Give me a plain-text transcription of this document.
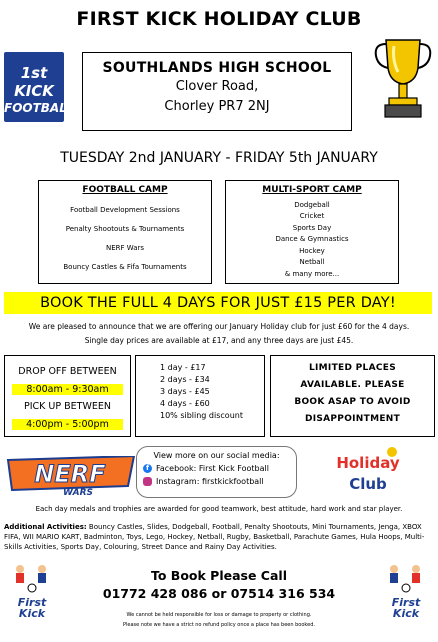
FIRST KICK HOLIDAY CLUB
1st KICK
FOOTBALL
SOUTHLANDS HIGH SCHOOL
Clover Road,
Chorley PR7 2NJ
TUESDAY 2nd JANUARY - FRIDAY 5th JANUARY
FOOTBALL CAMP
Football Development Sessions
Penalty Shootouts & Tournaments
NERF Wars
Bouncy Castles & Fifa Tournaments
MULTI-SPORT CAMP
Dodgeball
Cricket
Sports Day
Dance & Gymnastics
Hockey
Netball
& many more...
BOOK THE FULL 4 DAYS FOR JUST £15 PER DAY!
We are pleased to announce that we are offering our January Holiday club for just £60 for the 4 days.
Single day prices are available at £17, and any three days are just £45.
DROP OFF BETWEEN
8:00am - 9:30am
PICK UP BETWEEN
4:00pm - 5:00pm
1 day - £17
2 days - £34
3 days - £45
4 days - £60
10% sibling discount
LIMITED PLACES
AVAILABLE. PLEASE
BOOK ASAP TO AVOID
DISAPPOINTMENT
NERF
WARS
View more on our social media:
f Facebook: First Kick Football
Instagram: firstkickfootball
Holiday
Club
Each day medals and trophies are awarded for good teamwork, best attitude, hard work and star player.
Additional Activities: Bouncy Castles, Slides, Dodgeball, Football, Penalty Shootouts, Mini Tournaments, Jenga, XBOX FIFA, WII MARIO KART, Badminton, Toys, Lego, Hockey, Netball, Rugby, Basketball, Parachute Games, Hula Hoops, Multi-Skills Activities, Sports Day, Colouring, Street Dance and Rainy Day Activities.
First
Kick
To Book Please Call
01772 428 086 or 07514 316 534
We cannot be held responsible for loss or damage to property or clothing.
Please note we have a strict no refund policy once a place has been booked.
First
Kick
